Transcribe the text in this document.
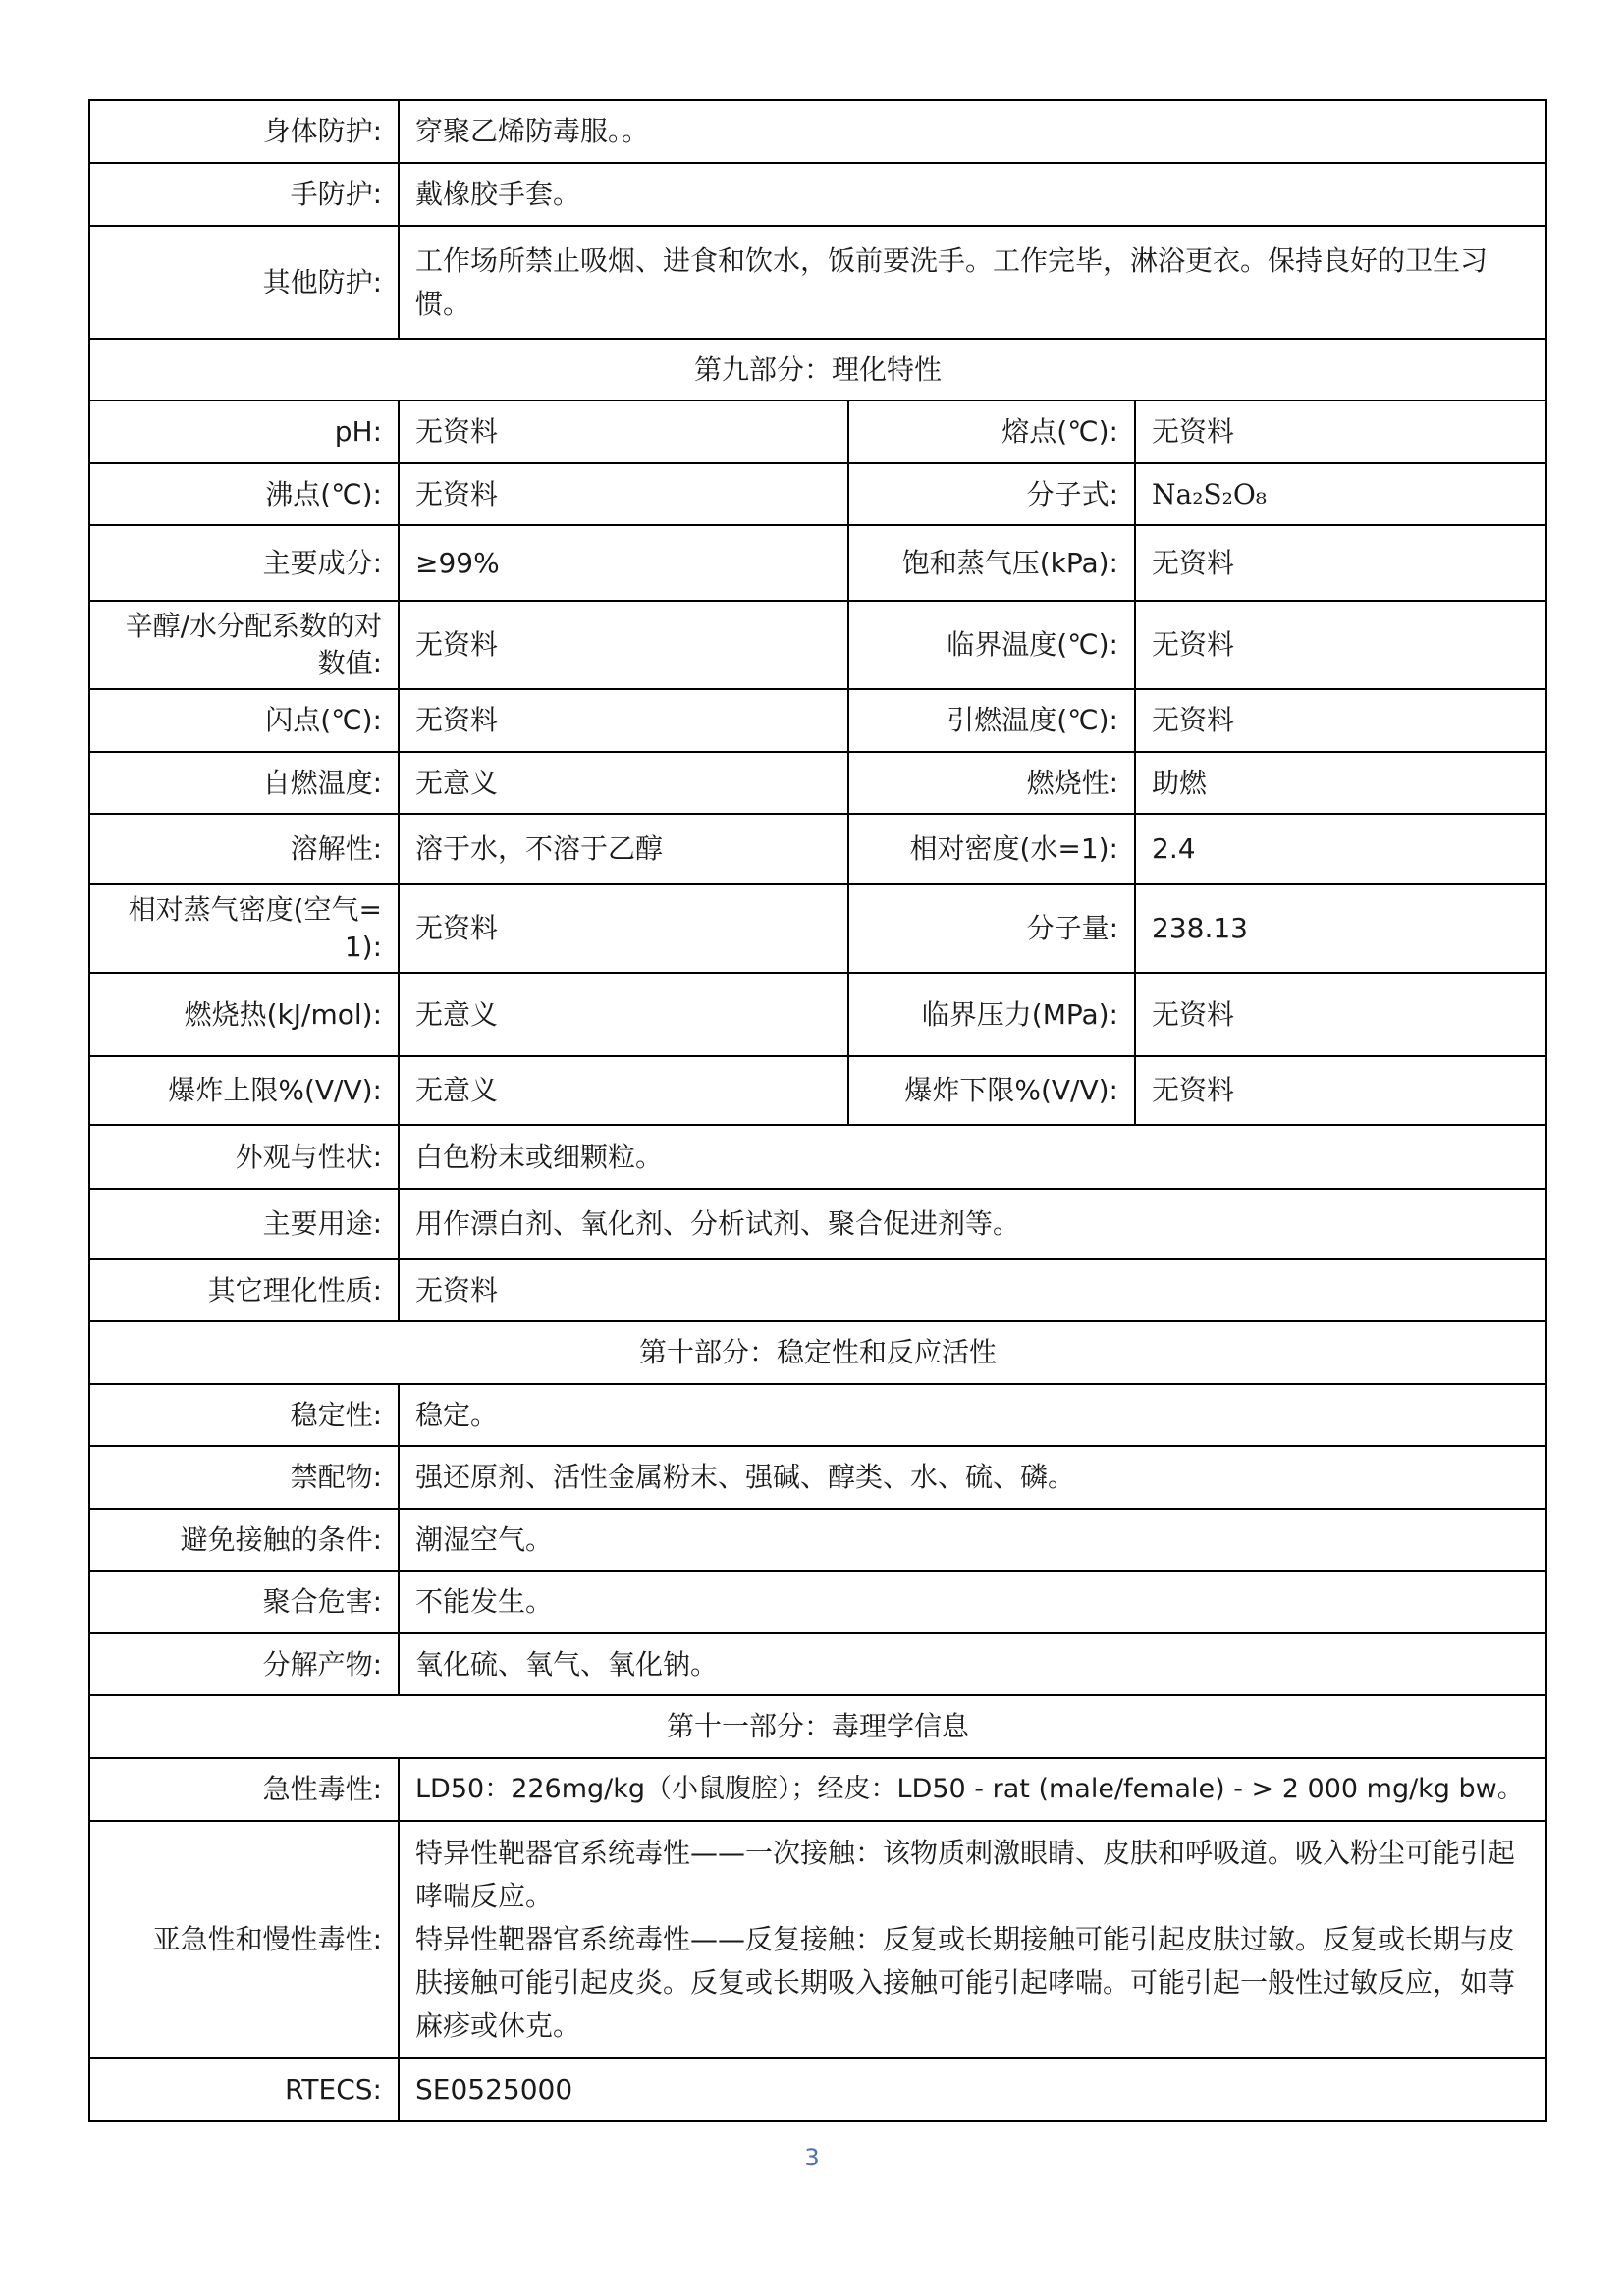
身体防护:	穿聚乙烯防毒服。。		
手防护:	戴橡胶手套。		
其他防护:	工作场所禁止吸烟、进食和饮水，饭前要洗手。工作完毕，淋浴更衣。保持良好的卫生习惯。		
第九部分：理化特性			
pH:	无资料	熔点(℃):	无资料
沸点(℃):	无资料	分子式:	Na₂S₂O₈
主要成分:	≥99%	饱和蒸气压(kPa):	无资料
辛醇/水分配系数的对数值:	无资料	临界温度(℃):	无资料
闪点(℃):	无资料	引燃温度(℃):	无资料
自燃温度:	无意义	燃烧性:	助燃
溶解性:	溶于水，不溶于乙醇	相对密度(水=1):	2.4
相对蒸气密度(空气=1):	无资料	分子量:	238.13
燃烧热(kJ/mol):	无意义	临界压力(MPa):	无资料
爆炸上限%(V/V):	无意义	爆炸下限%(V/V):	无资料
外观与性状:	白色粉末或细颗粒。		
主要用途:	用作漂白剂、氧化剂、分析试剂、聚合促进剂等。		
其它理化性质:	无资料		
第十部分：稳定性和反应活性			
稳定性:	稳定。		
禁配物:	强还原剂、活性金属粉末、强碱、醇类、水、硫、磷。		
避免接触的条件:	潮湿空气。		
聚合危害:	不能发生。		
分解产物:	氧化硫、氧气、氧化钠。		
第十一部分：毒理学信息			
急性毒性:	LD50：226mg/kg（小鼠腹腔）；经皮：LD50 - rat (male/female) - > 2 000 mg/kg bw。		
亚急性和慢性毒性:	特异性靶器官系统毒性——一次接触：该物质刺激眼睛、皮肤和呼吸道。吸入粉尘可能引起哮喘反应。
特异性靶器官系统毒性——反复接触：反复或长期接触可能引起皮肤过敏。反复或长期与皮肤接触可能引起皮炎。反复或长期吸入接触可能引起哮喘。可能引起一般性过敏反应，如荨麻疹或休克。		

RTECS:	SE0525000		
3
